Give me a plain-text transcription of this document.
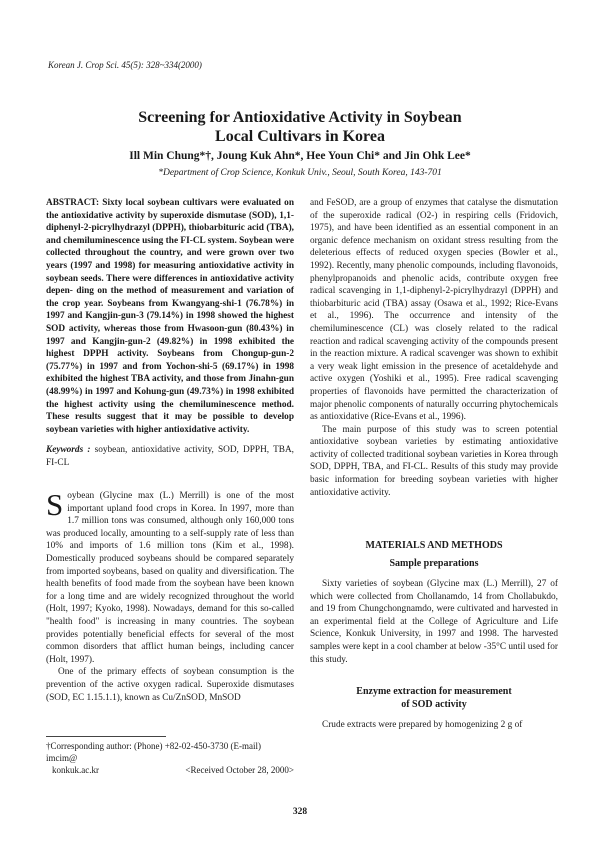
Korean J. Crop Sci. 45(5): 328~334(2000)
Screening for Antioxidative Activity in Soybean
Local Cultivars in Korea
Ill Min Chung*†, Joung Kuk Ahn*, Hee Youn Chi* and Jin Ohk Lee*
*Department of Crop Science, Konkuk Univ., Seoul, South Korea, 143-701
ABSTRACT: Sixty local soybean cultivars were evaluated on the antioxidative activity by superoxide dismutase (SOD), 1,1-diphenyl-2-picrylhydrazyl (DPPH), thiobarbituric acid (TBA), and chemiluminescence using the FI-CL system. Soybean were collected throughout the country, and were grown over two years (1997 and 1998) for measuring antioxidative activity in soybean seeds. There were differences in antioxidative activity depen- ding on the method of measurement and variation of the crop year. Soybeans from Kwangyang-shi-1 (76.78%) in 1997 and Kangjin-gun-3 (79.14%) in 1998 showed the highest SOD activity, whereas those from Hwasoon-gun (80.43%) in 1997 and Kangjin-gun-2 (49.82%) in 1998 exhibited the highest DPPH activity. Soybeans from Chongup-gun-2 (75.77%) in 1997 and from Yochon-shi-5 (69.17%) in 1998 exhibited the highest TBA activity, and those from Jinahn-gun (48.99%) in 1997 and Kohung-gun (49.73%) in 1998 exhibited the highest activity using the chemiluminescence method. These results suggest that it may be possible to develop soybean varieties with higher antioxidative activity.
Keywords : soybean, antioxidative activity, SOD, DPPH, TBA, FI-CL

S oybean (Glycine max (L.) Merrill) is one of the most important upland food crops in Korea. In 1997, more than 1.7 million tons was consumed, although only 160,000 tons was produced locally, amounting to a self-supply rate of less than 10% and imports of 1.6 million tons (Kim et al., 1998). Domestically produced soybeans should be compared separately from imported soybeans, based on quality and diversification. The health benefits of food made from the soybean have been known for a long time and are widely recognized throughout the world (Holt, 1997; Kyoko, 1998). Nowadays, demand for this so-called "health food" is increasing in many countries. The soybean provides potentially beneficial effects for several of the most common disorders that afflict human beings, including cancer (Holt, 1997).

One of the primary effects of soybean consumption is the prevention of the active oxygen radical. Superoxide dismutases (SOD, EC 1.15.1.1), known as Cu/ZnSOD, MnSOD

†Corresponding author: (Phone) +82-02-450-3730 (E-mail) imcim@
konkuk.ac.kr	<Received October 28, 2000>

and FeSOD, are a group of enzymes that catalyse the dismutation of the superoxide radical (O2-) in respiring cells (Fridovich, 1975), and have been identified as an essential component in an organic defence mechanism on oxidant stress resulting from the deleterious effects of reduced oxygen species (Bowler et al., 1992). Recently, many phenolic compounds, including flavonoids, phenylpropanoids and phenolic acids, contribute oxygen free radical scavenging in 1,1-diphenyl-2-picrylhydrazyl (DPPH) and thiobarbituric acid (TBA) assay (Osawa et al., 1992; Rice-Evans et al., 1996). The occurrence and intensity of the chemiluminescence (CL) was closely related to the radical reaction and radical scavenging activity of the compounds present in the reaction mixture. A radical scavenger was shown to exhibit a very weak light emission in the presence of acetaldehyde and active oxygen (Yoshiki et al., 1995). Free radical scavenging properties of flavonoids have permitted the characterization of major phenolic components of naturally occurring phytochemicals as antioxidative (Rice-Evans et al., 1996).

The main purpose of this study was to screen potential antioxidative soybean varieties by estimating antioxidative activity of collected traditional soybean varieties in Korea through SOD, DPPH, TBA, and FI-CL. Results of this study may provide basic information for breeding soybean varieties with higher antioxidative activity.

MATERIALS AND METHODS
Sample preparations

Sixty varieties of soybean (Glycine max (L.) Merrill), 27 of which were collected from Chollanamdo, 14 from Chollabukdo, and 19 from Chungchongnamdo, were cultivated and harvested in an experimental field at the College of Agriculture and Life Science, Konkuk University, in 1997 and 1998. The harvested samples were kept in a cool chamber at below -35°C until used for this study.

Enzyme extraction for measurement
of SOD activity

Crude extracts were prepared by homogenizing 2 g of

328
